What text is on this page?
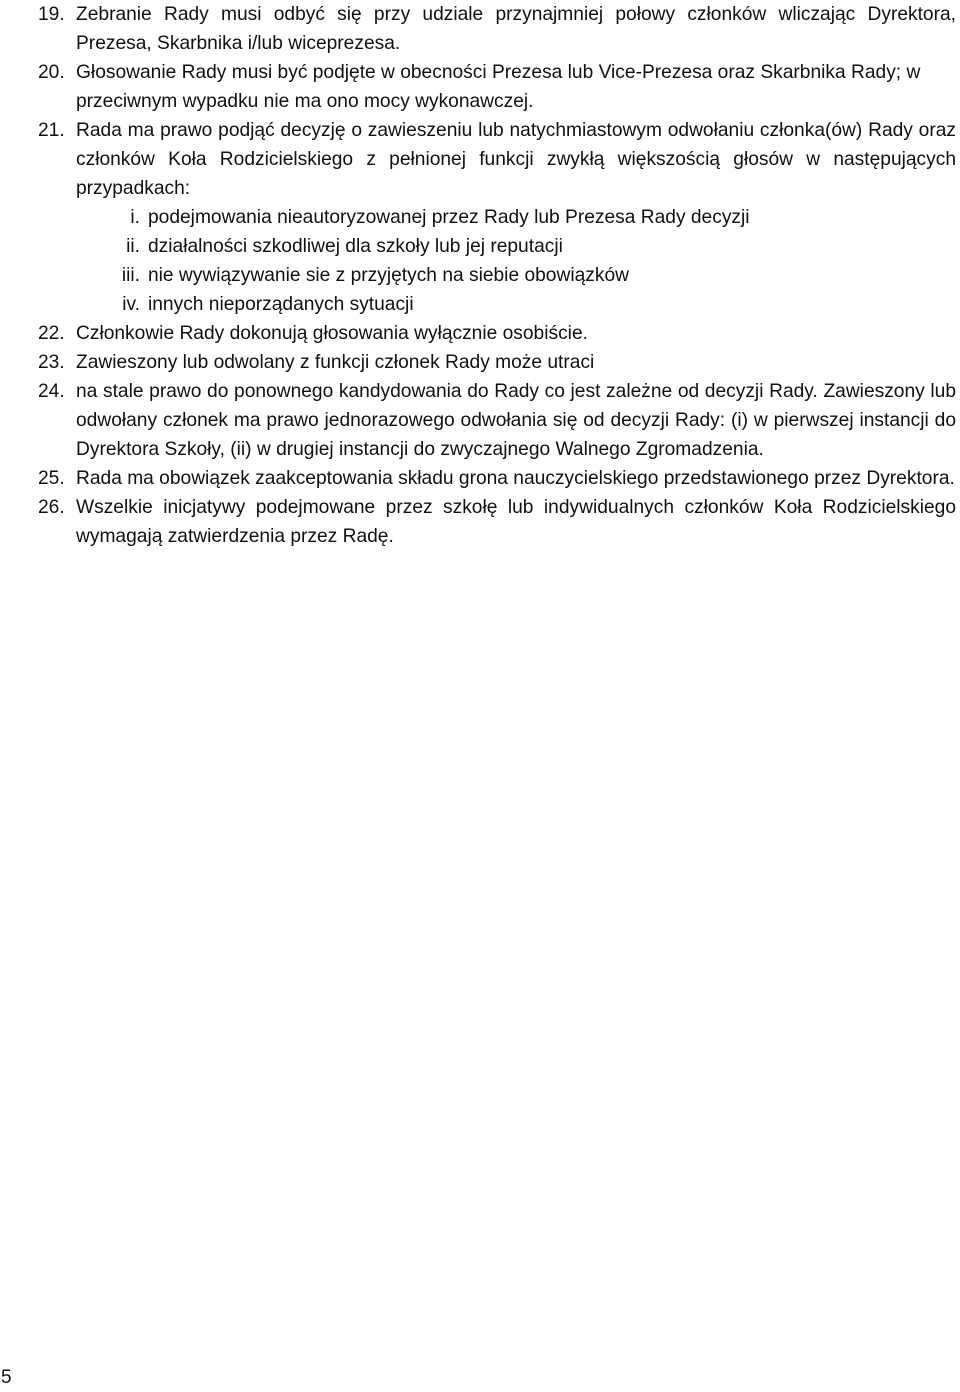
19. Zebranie Rady musi odbyć się przy udziale przynajmniej połowy członków wliczając Dyrektora, Prezesa, Skarbnika i/lub wiceprezesa.
20. Głosowanie Rady musi być podjęte w obecności Prezesa lub Vice-Prezesa oraz Skarbnika Rady; w przeciwnym wypadku nie ma ono mocy wykonawczej.
21. Rada ma prawo podjąć decyzję o zawieszeniu lub natychmiastowym odwołaniu członka(ów) Rady oraz członków Koła Rodzicielskiego z pełnionej funkcji zwykłą większością głosów w następujących przypadkach:
i. podejmowania nieautoryzowanej przez Rady lub Prezesa Rady decyzji
ii. działalności szkodliwej dla szkoły lub jej reputacji
iii. nie wywiązywanie sie z przyjętych na siebie obowiązków
iv. innych nieporządanych sytuacji
22. Członkowie Rady dokonują głosowania wyłącznie osobiście.
23. Zawieszony lub odwolany z funkcji członek Rady może utraci
24. na stale prawo do ponownego kandydowania do Rady co jest zależne od decyzji Rady. Zawieszony lub odwołany członek ma prawo jednorazowego odwołania się od decyzji Rady: (i) w pierwszej instancji do Dyrektora Szkoły, (ii) w drugiej instancji do zwyczajnego Walnego Zgromadzenia.
25. Rada ma obowiązek zaakceptowania składu grona nauczycielskiego przedstawionego przez Dyrektora.
26. Wszelkie inicjatywy podejmowane przez szkołę lub indywidualnych członków Koła Rodzicielskiego wymagają zatwierdzenia przez Radę.
5
